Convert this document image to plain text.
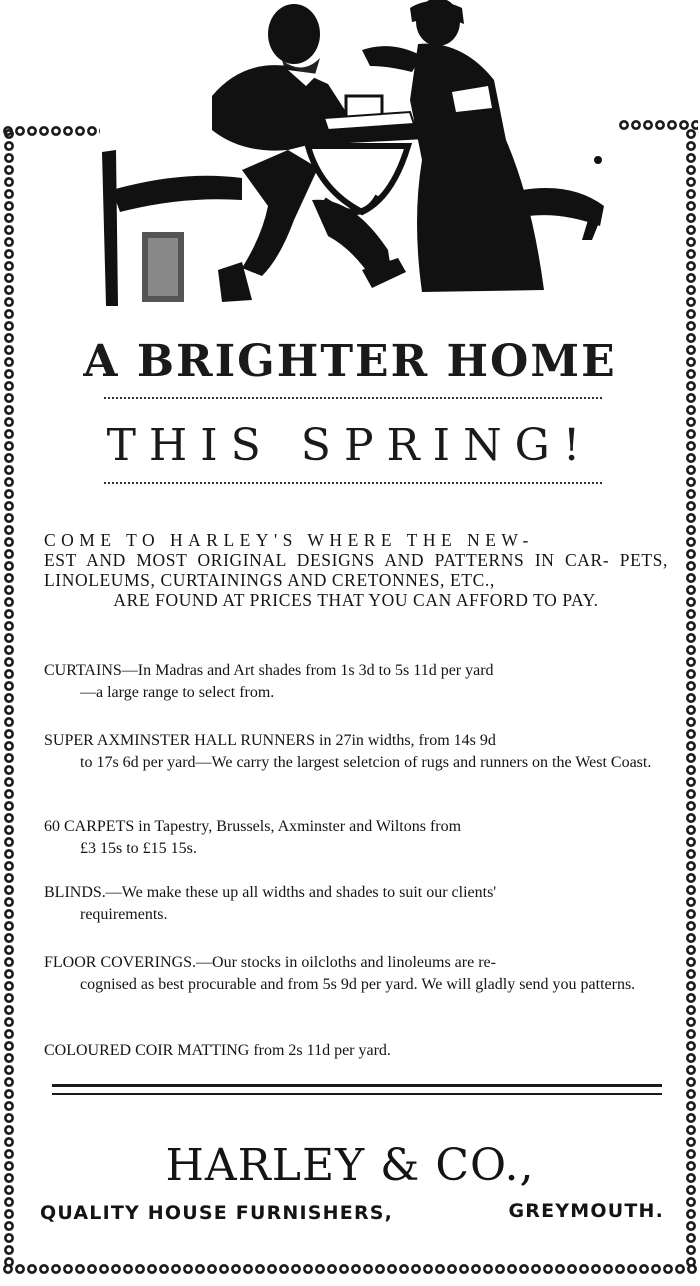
A BRIGHTER HOME
THIS SPRING!
COME TO HARLEY'S WHERE THE NEW-
EST AND MOST ORIGINAL DESIGNS AND PATTERNS IN CAR- PETS, LINOLEUMS, CURTAININGS AND CRETONNES, ETC.,
ARE FOUND AT PRICES THAT YOU CAN AFFORD TO PAY.
CURTAINS—In Madras and Art shades from 1s 3d to 5s 11d per yard
—a large range to select from.
SUPER AXMINSTER HALL RUNNERS in 27in widths, from 14s 9d
to 17s 6d per yard—We carry the largest seletcion of rugs and runners on the West Coast.
60 CARPETS in Tapestry, Brussels, Axminster and Wiltons from
£3 15s to £15 15s.
BLINDS.—We make these up all widths and shades to suit our clients'
requirements.
FLOOR COVERINGS.—Our stocks in oilcloths and linoleums are re-
cognised as best procurable and from 5s 9d per yard. We will gladly send you patterns.
COLOURED COIR MATTING from 2s 11d per yard.
HARLEY & CO.,
QUALITY HOUSE FURNISHERS,	GREYMOUTH.
